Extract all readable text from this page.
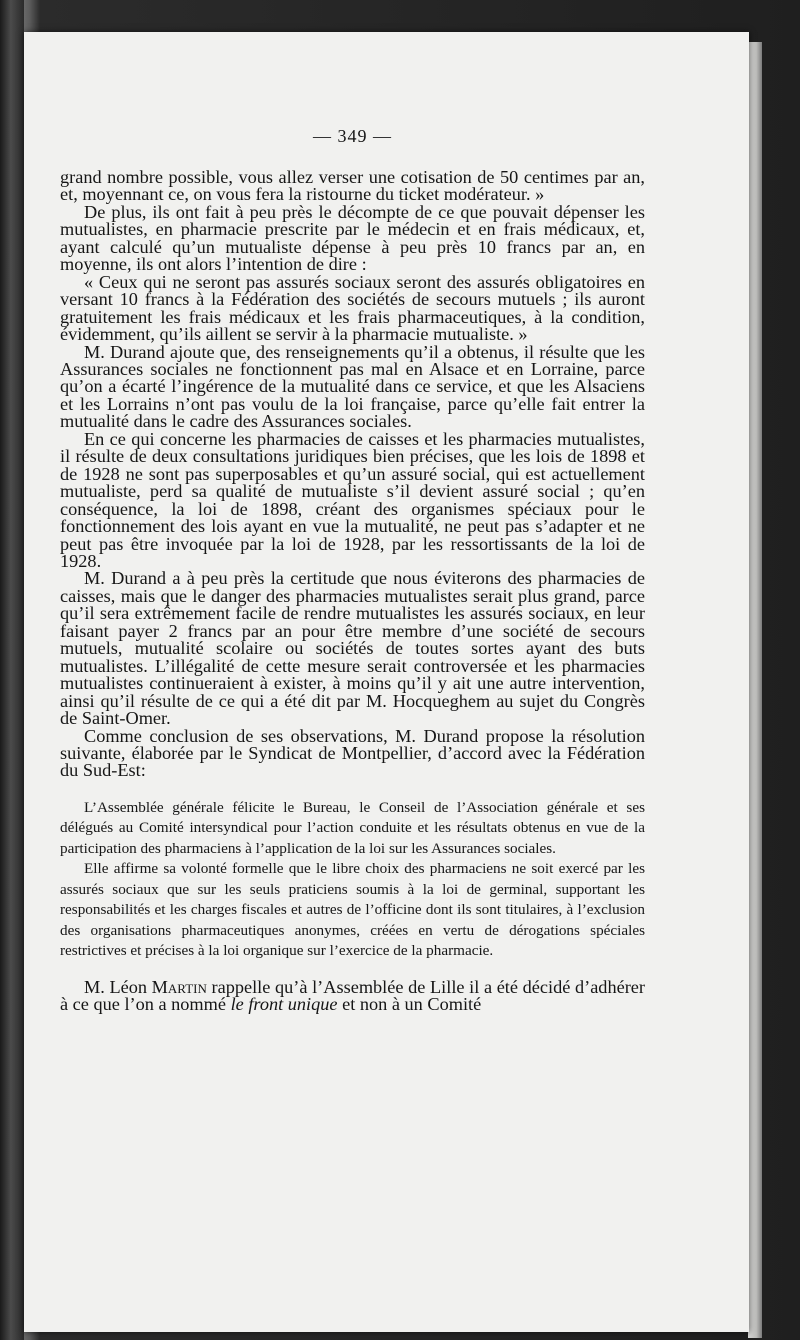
— 349 —

grand nombre possible, vous allez verser une cotisation de 50 centimes par an, et, moyennant ce, on vous fera la ristourne du ticket modérateur. »

De plus, ils ont fait à peu près le décompte de ce que pouvait dépenser les mutualistes, en pharmacie prescrite par le médecin et en frais médicaux, et, ayant calculé qu’un mutualiste dépense à peu près 10 francs par an, en moyenne, ils ont alors l’intention de dire :

« Ceux qui ne seront pas assurés sociaux seront des assurés obligatoires en versant 10 francs à la Fédération des sociétés de secours mutuels ; ils auront gratuitement les frais médicaux et les frais pharmaceutiques, à la condition, évidemment, qu’ils aillent se servir à la pharmacie mutualiste. »

M. Durand ajoute que, des renseignements qu’il a obtenus, il résulte que les Assurances sociales ne fonctionnent pas mal en Alsace et en Lorraine, parce qu’on a écarté l’ingérence de la mutualité dans ce service, et que les Alsaciens et les Lorrains n’ont pas voulu de la loi française, parce qu’elle fait entrer la mutualité dans le cadre des Assurances sociales.

En ce qui concerne les pharmacies de caisses et les pharmacies mutualistes, il résulte de deux consultations juridiques bien précises, que les lois de 1898 et de 1928 ne sont pas superposables et qu’un assuré social, qui est actuellement mutualiste, perd sa qualité de mutualiste s’il devient assuré social ; qu’en conséquence, la loi de 1898, créant des organismes spéciaux pour le fonctionnement des lois ayant en vue la mutualité, ne peut pas s’adapter et ne peut pas être invoquée par la loi de 1928, par les ressortissants de la loi de 1928.

M. Durand a à peu près la certitude que nous éviterons des pharmacies de caisses, mais que le danger des pharmacies mutualistes serait plus grand, parce qu’il sera extrêmement facile de rendre mutualistes les assurés sociaux, en leur faisant payer 2 francs par an pour être membre d’une société de secours mutuels, mutualité scolaire ou sociétés de toutes sortes ayant des buts mutualistes. L’illégalité de cette mesure serait controversée et les pharmacies mutualistes continueraient à exister, à moins qu’il y ait une autre intervention, ainsi qu’il résulte de ce qui a été dit par M. Hocqueghem au sujet du Congrès de Saint-Omer.

Comme conclusion de ses observations, M. Durand propose la résolution suivante, élaborée par le Syndicat de Montpellier, d’accord avec la Fédération du Sud-Est:

L’Assemblée générale félicite le Bureau, le Conseil de l’Association générale et ses délégués au Comité intersyndical pour l’action conduite et les résultats obtenus en vue de la participation des pharmaciens à l’application de la loi sur les Assurances sociales.

Elle affirme sa volonté formelle que le libre choix des pharmaciens ne soit exercé par les assurés sociaux que sur les seuls praticiens soumis à la loi de germinal, supportant les responsabilités et les charges fiscales et autres de l’officine dont ils sont titulaires, à l’exclusion des organisations pharmaceutiques anonymes, créées en vertu de dérogations spéciales restrictives et précises à la loi organique sur l’exercice de la pharmacie.

M. Léon Martin rappelle qu’à l’Assemblée de Lille il a été décidé d’adhérer à ce que l’on a nommé le front unique et non à un Comité
